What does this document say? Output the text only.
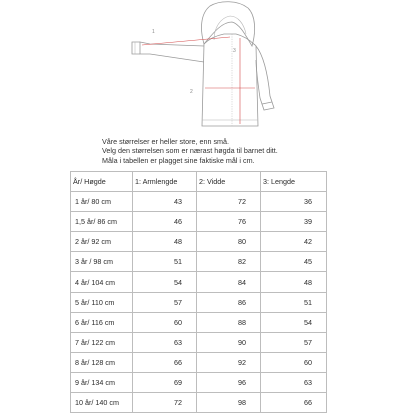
1
2
3
Våre størrelser er heller store, enn små.
Velg den størrelsen som er nærast høgda til barnet ditt.
Måla i tabellen er plagget sine faktiske mål i cm.
År/ Høgde	1: Armlengde	2: Vidde	3: Lengde
1 år/ 80 cm	43	72	36
1,5 år/ 86 cm	46	76	39
2 år/ 92 cm	48	80	42
3 år / 98 cm	51	82	45
4 år/ 104 cm	54	84	48
5 år/ 110 cm	57	86	51
6 år/ 116 cm	60	88	54
7 år/ 122 cm	63	90	57
8 år/ 128 cm	66	92	60
9 år/ 134 cm	69	96	63
10 år/ 140 cm	72	98	66
